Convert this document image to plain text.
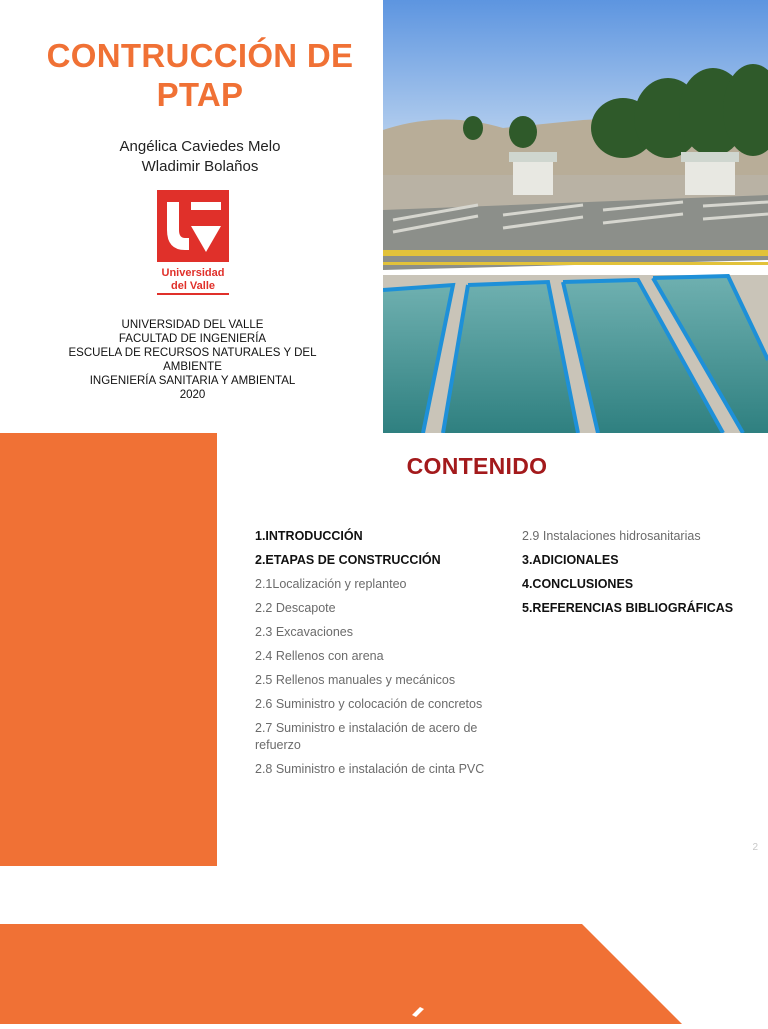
CONTRUCCIÓN DE
PTAP
Angélica Caviedes Melo
Wladimir Bolaños
Universidad
del Valle
UNIVERSIDAD DEL VALLE
FACULTAD DE INGENIERÍA
ESCUELA DE RECURSOS NATURALES Y DEL AMBIENTE
INGENIERÍA SANITARIA Y AMBIENTAL
2020
CONTENIDO
1.INTRODUCCIÓN
2.ETAPAS DE CONSTRUCCIÓN
2.1Localización y replanteo
2.2 Descapote
2.3 Excavaciones
2.4 Rellenos con arena
2.5 Rellenos manuales y mecánicos
2.6 Suministro y colocación de concretos
2.7 Suministro e instalación de acero de refuerzo
2.8 Suministro e instalación de cinta PVC
2.9 Instalaciones hidrosanitarias
3.ADICIONALES
4.CONCLUSIONES
5.REFERENCIAS BIBLIOGRÁFICAS
2
